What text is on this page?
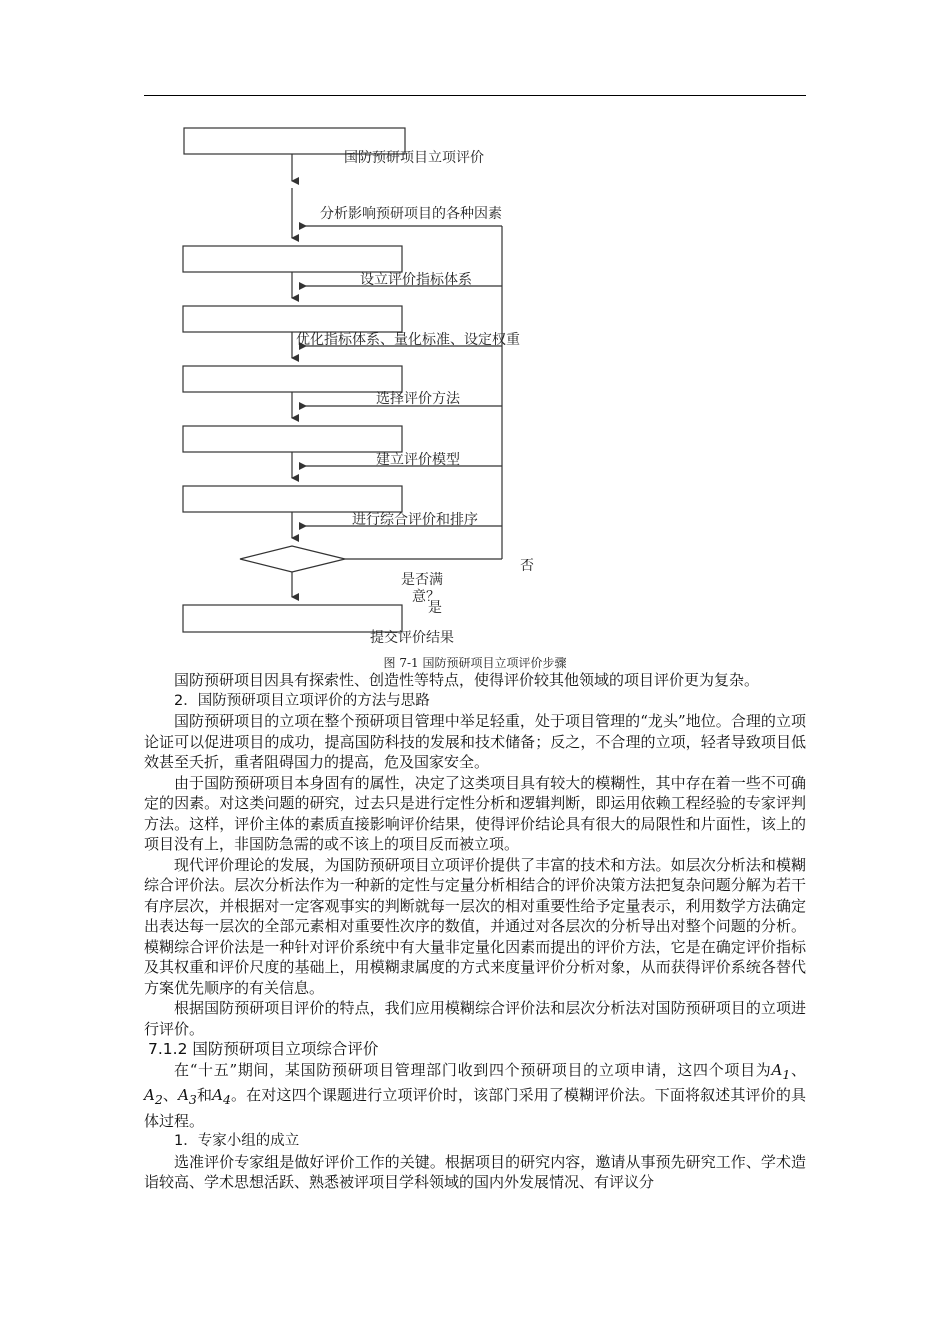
国防预研项目立项评价
分析影响预研项目的各种因素
设立评价指标体系
优化指标体系、量化标准、设定权重
选择评价方法
建立评价模型
进行综合评价和排序
否
是否满
意？
是
提交评价结果
图 7-1 国防预研项目立项评价步骤

国防预研项目因具有探索性、创造性等特点，使得评价较其他领域的项目评价更为复杂。

2．国防预研项目立项评价的方法与思路

国防预研项目的立项在整个预研项目管理中举足轻重，处于项目管理的“龙头”地位。合理的立项论证可以促进项目的成功，提高国防科技的发展和技术储备；反之，不合理的立项，轻者导致项目低效甚至夭折，重者阻碍国力的提高，危及国家安全。

由于国防预研项目本身固有的属性，决定了这类项目具有较大的模糊性，其中存在着一些不可确定的因素。对这类问题的研究，过去只是进行定性分析和逻辑判断，即运用依赖工程经验的专家评判方法。这样，评价主体的素质直接影响评价结果，使得评价结论具有很大的局限性和片面性，该上的项目没有上，非国防急需的或不该上的项目反而被立项。

现代评价理论的发展，为国防预研项目立项评价提供了丰富的技术和方法。如层次分析法和模糊综合评价法。层次分析法作为一种新的定性与定量分析相结合的评价决策方法把复杂问题分解为若干有序层次，并根据对一定客观事实的判断就每一层次的相对重要性给予定量表示，利用数学方法确定出表达每一层次的全部元素相对重要性次序的数值，并通过对各层次的分析导出对整个问题的分析。模糊综合评价法是一种针对评价系统中有大量非定量化因素而提出的评价方法，它是在确定评价指标及其权重和评价尺度的基础上，用模糊隶属度的方式来度量评价分析对象，从而获得评价系统各替代方案优先顺序的有关信息。

根据国防预研项目评价的特点，我们应用模糊综合评价法和层次分析法对国防预研项目的立项进行评价。

7.1.2 国防预研项目立项综合评价

在“十五”期间，某国防预研项目管理部门收到四个预研项目的立项申请，这四个项目为$A_1$、$A_2$、$A_3$和$A_4$。在对这四个课题进行立项评价时，该部门采用了模糊评价法。下面将叙述其评价的具体过程。

1．专家小组的成立

选准评价专家组是做好评价工作的关键。根据项目的研究内容，邀请从事预先研究工作、学术造诣较高、学术思想活跃、熟悉被评项目学科领域的国内外发展情况、有评议分
